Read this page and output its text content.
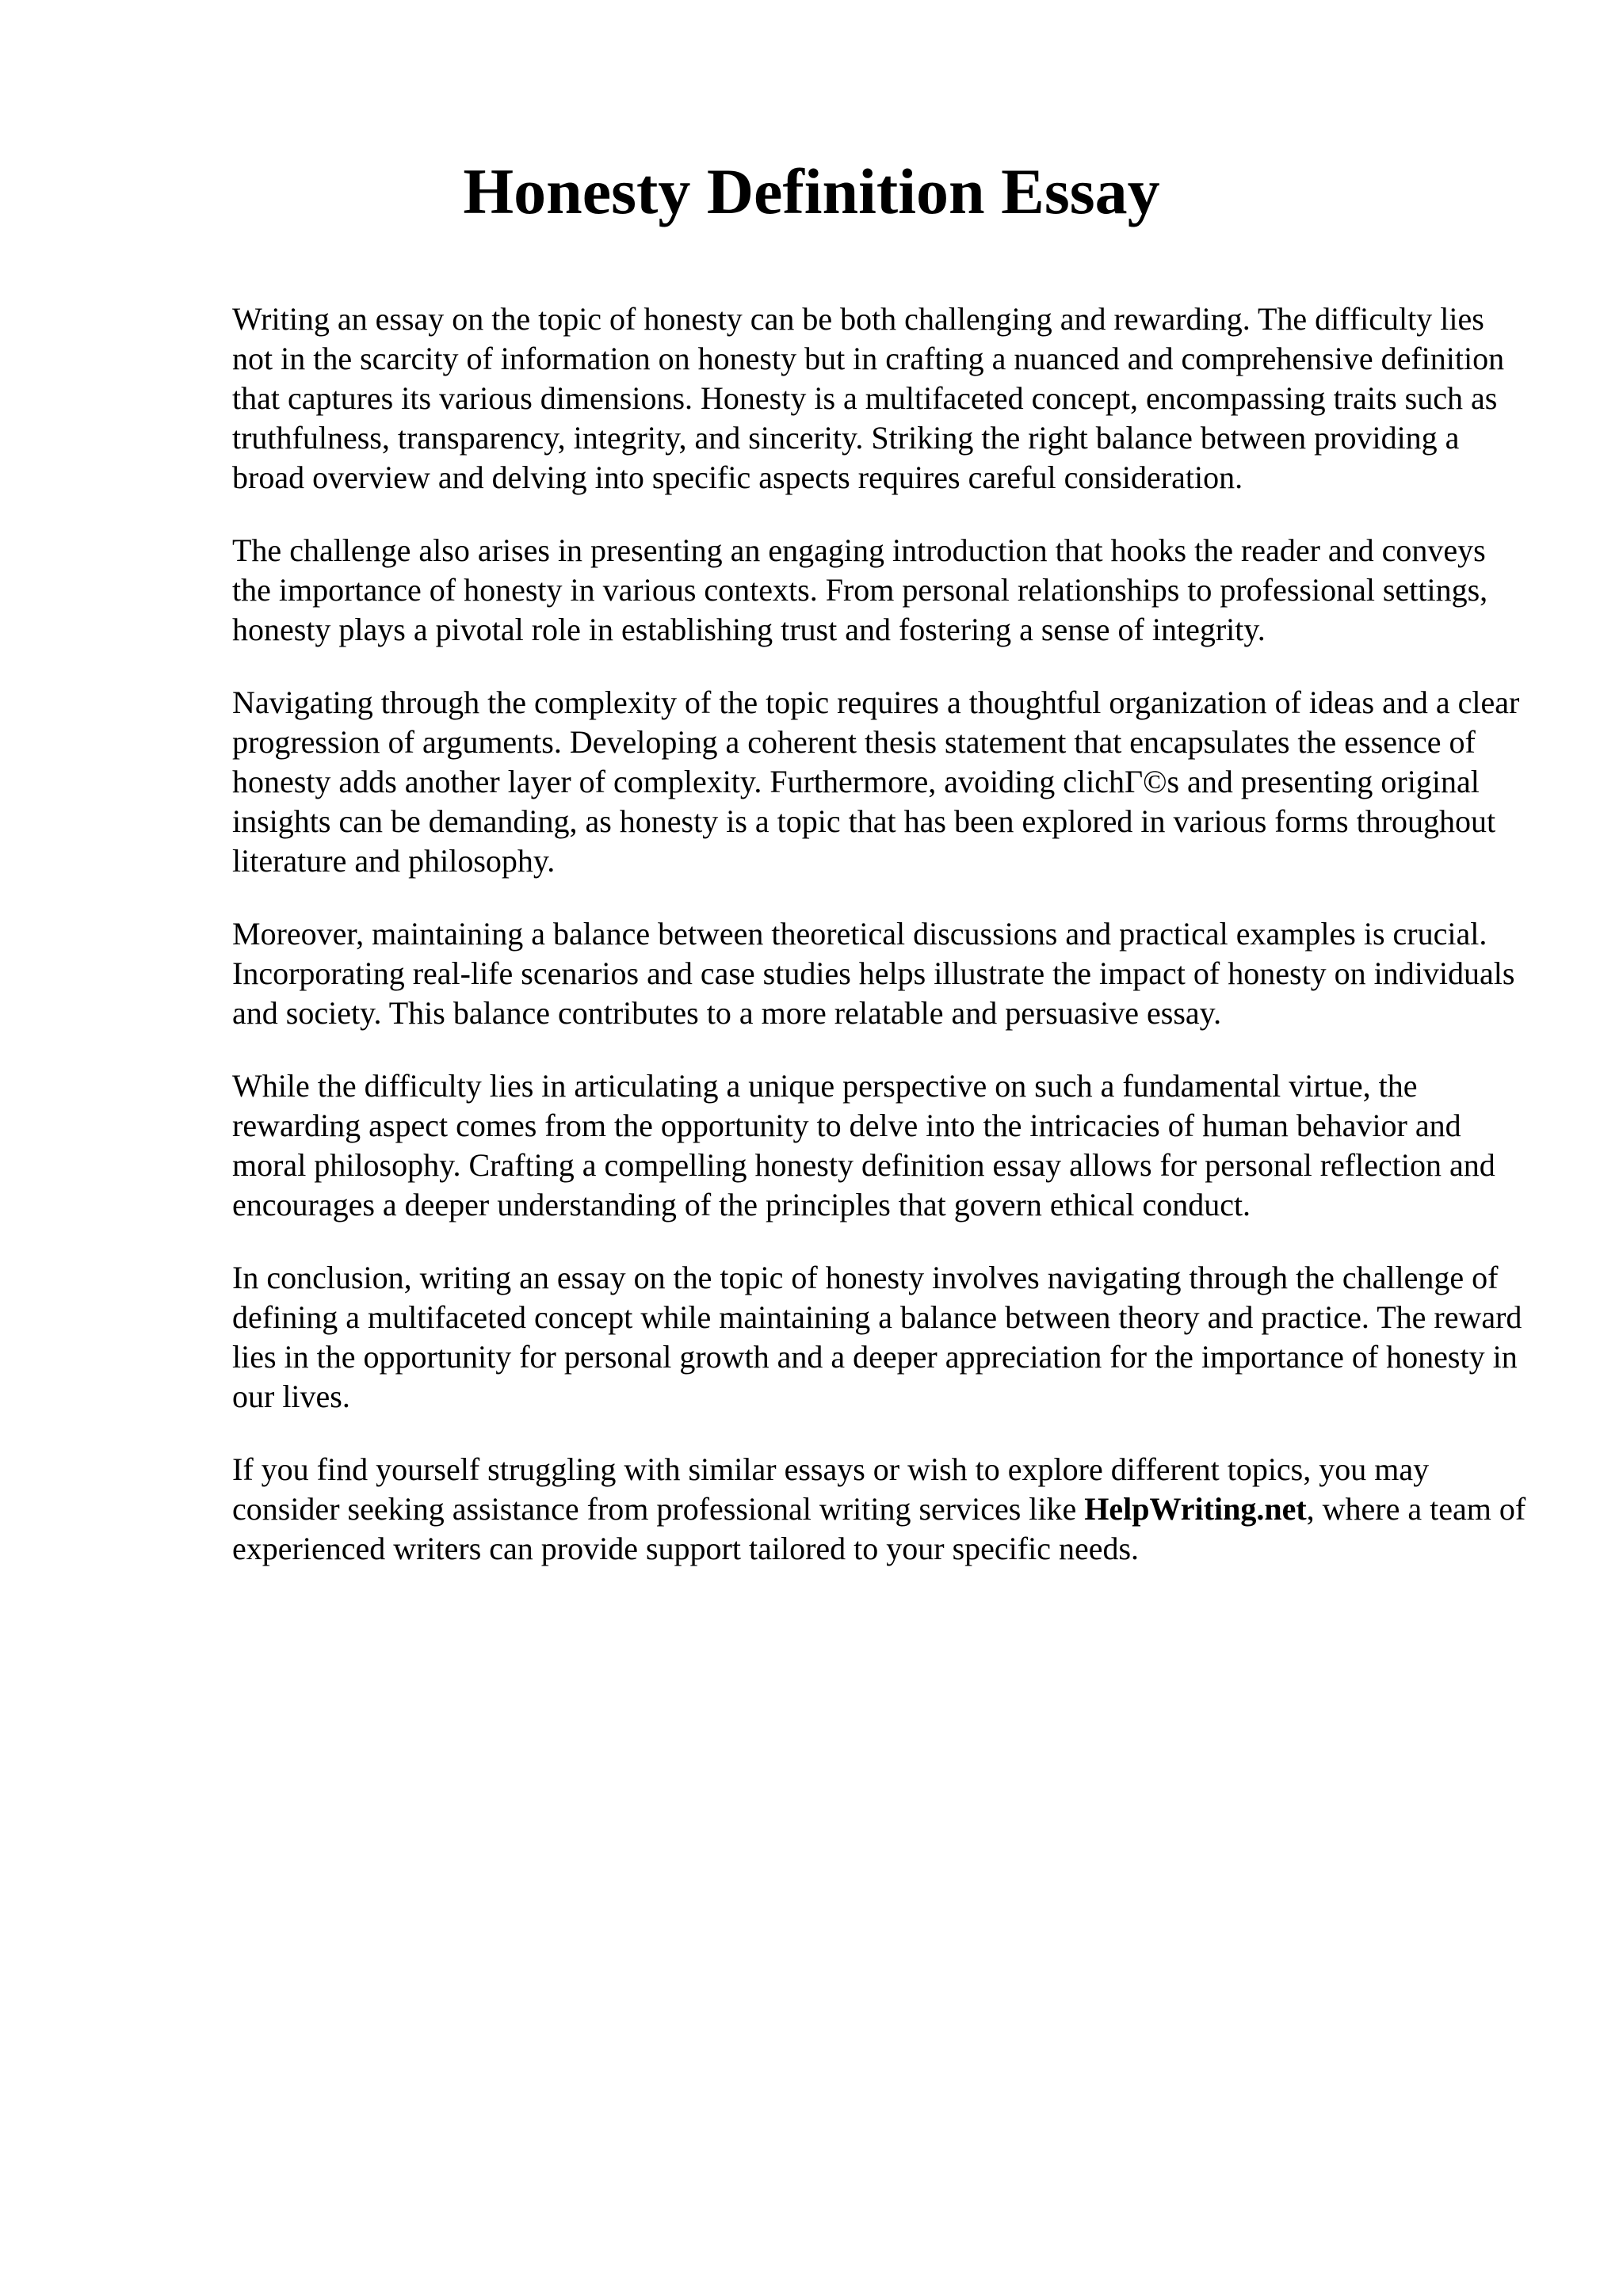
Honesty Definition Essay

Writing an essay on the topic of honesty can be both challenging and rewarding. The difficulty lies not in the scarcity of information on honesty but in crafting a nuanced and comprehensive definition that captures its various dimensions. Honesty is a multifaceted concept, encompassing traits such as truthfulness, transparency, integrity, and sincerity. Striking the right balance between providing a broad overview and delving into specific aspects requires careful consideration.

The challenge also arises in presenting an engaging introduction that hooks the reader and conveys the importance of honesty in various contexts. From personal relationships to professional settings, honesty plays a pivotal role in establishing trust and fostering a sense of integrity.

Navigating through the complexity of the topic requires a thoughtful organization of ideas and a clear progression of arguments. Developing a coherent thesis statement that encapsulates the essence of honesty adds another layer of complexity. Furthermore, avoiding clichΓ©s and presenting original insights can be demanding, as honesty is a topic that has been explored in various forms throughout literature and philosophy.

Moreover, maintaining a balance between theoretical discussions and practical examples is crucial. Incorporating real-life scenarios and case studies helps illustrate the impact of honesty on individuals and society. This balance contributes to a more relatable and persuasive essay.

While the difficulty lies in articulating a unique perspective on such a fundamental virtue, the rewarding aspect comes from the opportunity to delve into the intricacies of human behavior and moral philosophy. Crafting a compelling honesty definition essay allows for personal reflection and encourages a deeper understanding of the principles that govern ethical conduct.

In conclusion, writing an essay on the topic of honesty involves navigating through the challenge of defining a multifaceted concept while maintaining a balance between theory and practice. The reward lies in the opportunity for personal growth and a deeper appreciation for the importance of honesty in our lives.

If you find yourself struggling with similar essays or wish to explore different topics, you may consider seeking assistance from professional writing services like HelpWriting.net, where a team of experienced writers can provide support tailored to your specific needs.
